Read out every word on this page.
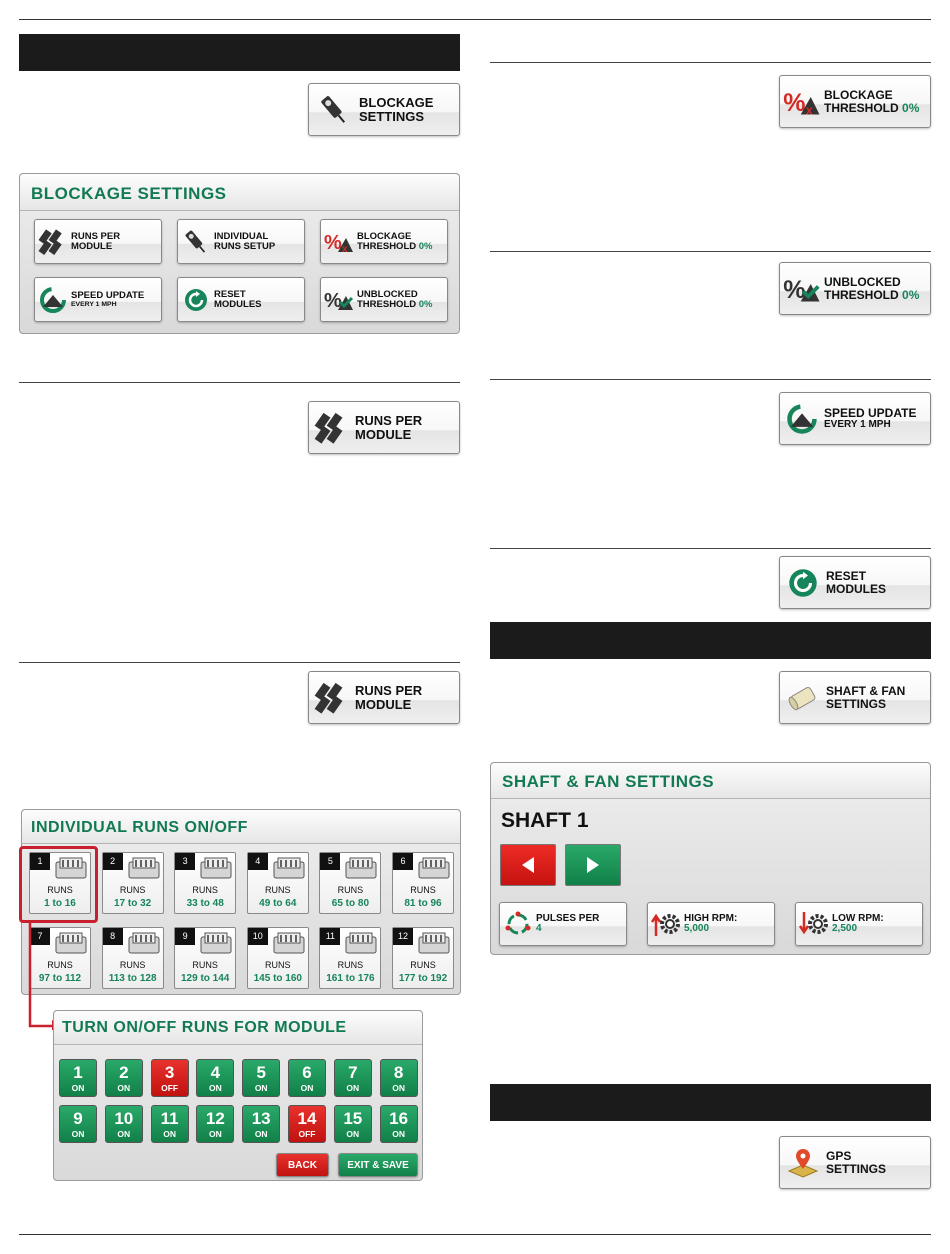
BLOCKAGE
SETTINGS
BLOCKAGE SETTINGS
RUNS PER
MODULE
INDIVIDUAL
RUNS SETUP % x
BLOCKAGE
THRESHOLD 0%
SPEED UPDATE
EVERY 1 MPH
RESET
MODULES	% UNBLOCKED
THRESHOLD 0%
RUNS PER
MODULE
RUNS PER
MODULE
INDIVIDUAL RUNS ON/OFF
1
RUNS
1 to 16
2
RUNS
17 to 32
3
RUNS
33 to 48
4
RUNS
49 to 64
5
RUNS
65 to 80
6
RUNS
81 to 96
7
RUNS
97 to 112
8
RUNS
113 to 128
9
RUNS
129 to 144
10
RUNS
145 to 160
11
RUNS
161 to 176
12
RUNS
177 to 192
TURN ON/OFF RUNS FOR MODULE
BACK	EXIT & SAVE
1
ON
2
ON
3
OFF
4
ON
5
ON
6
ON
7
ON
8
ON
9
ON
10
ON
11
ON
12
ON
13
ON
14
OFF
15
ON
16
ON
% x
BLOCKAGE
THRESHOLD 0%
% UNBLOCKED
THRESHOLD 0%
SPEED UPDATE
EVERY 1 MPH
RESET
MODULES
SHAFT & FAN
SETTINGS
SHAFT & FAN SETTINGS
SHAFT 1
PULSES PER
4
HIGH RPM:
5,000
LOW RPM:
2,500
GPS
SETTINGS
